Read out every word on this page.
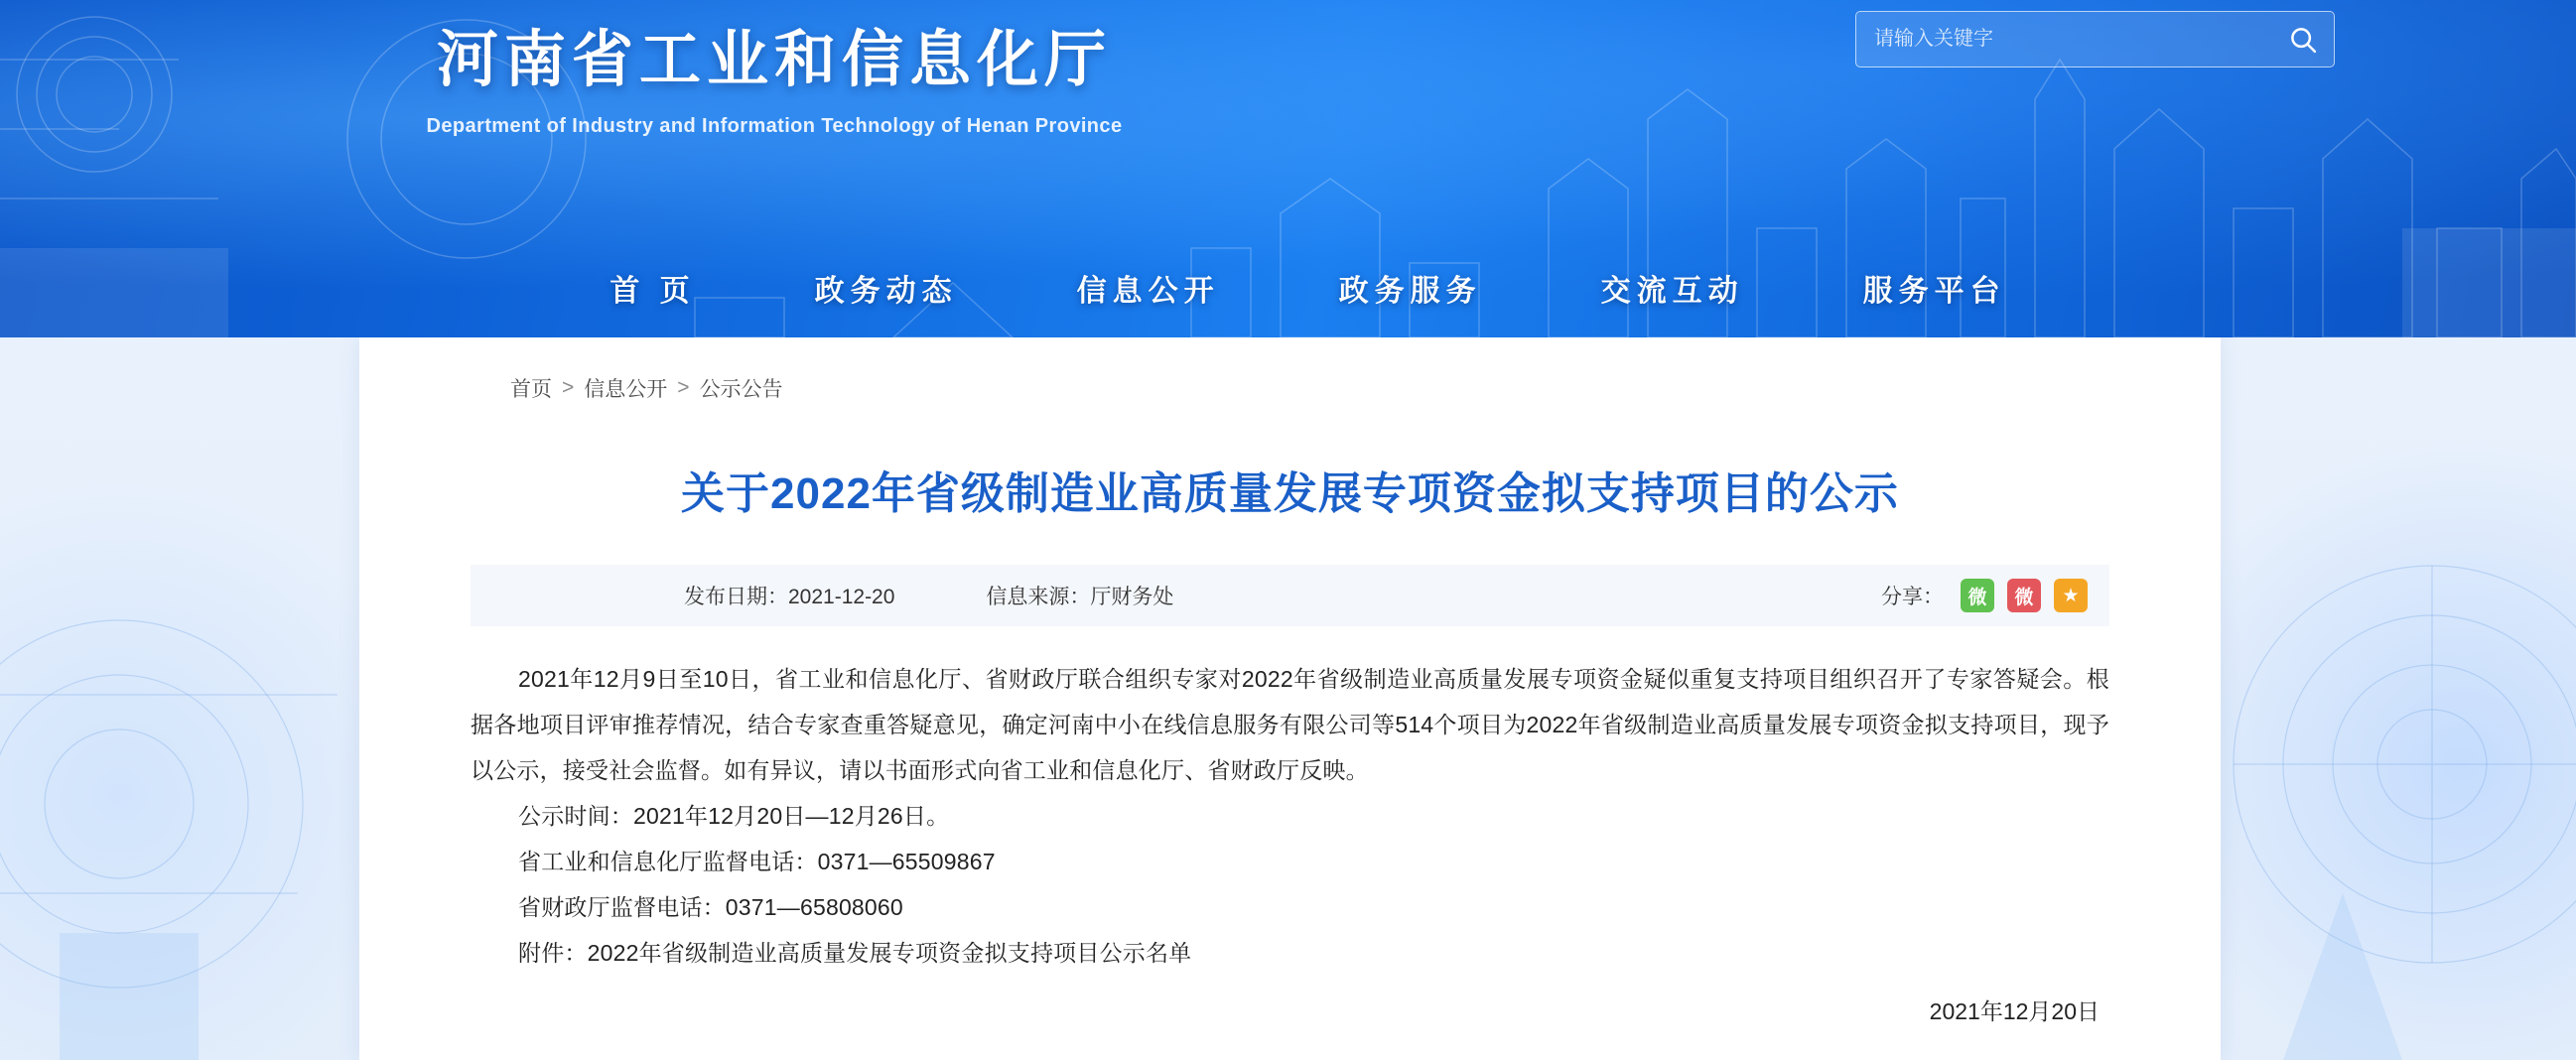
河南省工业和信息化厅
Department of Industry and Information Technology of Henan Province
请输入关键字
首 页	政务动态	信息公开	政务服务	交流互动	服务平台
首页 > 信息公开 > 公示公告
关于2022年省级制造业高质量发展专项资金拟支持项目的公示
发布日期：2021-12-20	信息来源：厅财务处	分享：	微	微	★

2021年12月9日至10日，省工业和信息化厅、省财政厅联合组织专家对2022年省级制造业高质量发展专项资金疑似重复支持项目组织召开了专家答疑会。根据各地项目评审推荐情况，结合专家查重答疑意见，确定河南中小在线信息服务有限公司等514个项目为2022年省级制造业高质量发展专项资金拟支持项目，现予以公示，接受社会监督。如有异议，请以书面形式向省工业和信息化厅、省财政厅反映。

公示时间：2021年12月20日—12月26日。

省工业和信息化厅监督电话：0371—65509867

省财政厅监督电话：0371—65808060

附件：2022年省级制造业高质量发展专项资金拟支持项目公示名单

2021年12月20日
